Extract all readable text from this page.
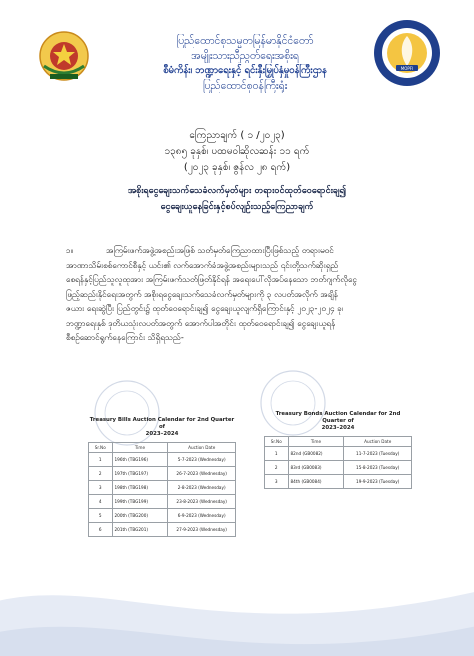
MOPFI
ပြည်ထောင်စုသမ္မတမြန်မာနိုင်ငံတော်
အမျိုးသားညီညွတ်ရေးအစိုးရ
စီမံကိန်း၊ ဘဏ္ဍာရေးနှင့် ရင်းနှီးမြှုပ်နှံမှုဝန်ကြီးဌာန
ပြည်ထောင်စုဝန်ကြီးရုံး
ကြေညာချက် ( ၁ /၂၀၂၃)
၁၃၈၅ ခုနှစ်၊ ပထမဝါဆိုလဆန်း ၁၁ ရက်
(၂၀၂၃ ခုနှစ်၊ ဇွန်လ ၂၈ ရက်)
အစိုးရငွေချေးသက်သေခံလက်မှတ်များ တရားဝင်ထုတ်ဝေရောင်းချ၍
ငွေချေးယူနေခြင်းနှင့်စပ်လျဉ်းသည့်ကြေညာချက်
၁။	အကြမ်းဖက်အဖွဲ့အစည်းအဖြစ် သတ်မှတ်ကြေညာထားပြီးဖြစ်သည့် တရားမဝင်
အာဏာသိမ်းစစ်ကောင်စီနှင့် ယင်း၏ လက်အောက်ခံအဖွဲ့အစည်းများသည် ၎င်းတို့သက်ဆိုးရှည်
စေရန်နှင့်ပြည်သူလူထုအား အကြမ်းဖက်သတ်ဖြတ်နိုင်ရန် အရေးပေါ်လိုအပ်နေသော ဘတ်ဂျက်လိုငွေ
ဖြည့်ဆည်းနိုင်ရေးအတွက် အစိုးရငွေချေးသက်သေခံလက်မှတ်များကို ၃ လပတ်အလိုက် အချိန်
ဇယား ရေးဆွဲပြီး ပြည်တွင်း၌ ထုတ်ဝေရောင်းချ၍ ငွေချေးယူလျက်ရှိကြောင်းနှင့် ၂၀၂၃-၂၀၂၄ ခု၊
ဘဏ္ဍာရေးနှစ် ဒုတိယသုံးလပတ်အတွက် အောက်ပါအတိုင်း ထုတ်ဝေရောင်းချ၍ ငွေချေးယူရန်
စီစဉ်ဆောင်ရွက်နေကြောင်း သိရှိရသည်-
Treasury Bills Auction Calendar for 2nd Quarter of
2023–2024
Sr.No	Time	Auction Date
1	196th (TBG196)	5-7-2023 (Wednesday)
2	197th (TBG197)	26-7-2023 (Wednesday)
3	198th (TBG198)	2-8-2023 (Wednesday)
4	199th (TBG199)	23-8-2023 (Wednesday)
5	200th (TBG200)	6-9-2023 (Wednesday)
6	201th (TBG201)	27-9-2023 (Wednesday)
Treasury Bonds Auction Calendar for 2nd Quarter of
2023–2024
Sr.No	Time	Auction Date
1	82nd (GB0082)	11-7-2023 (Tuesday)
2	83rd (GB0083)	15-8-2023 (Tuesday)
3	84th (GB0084)	19-9-2023 (Tuesday)
